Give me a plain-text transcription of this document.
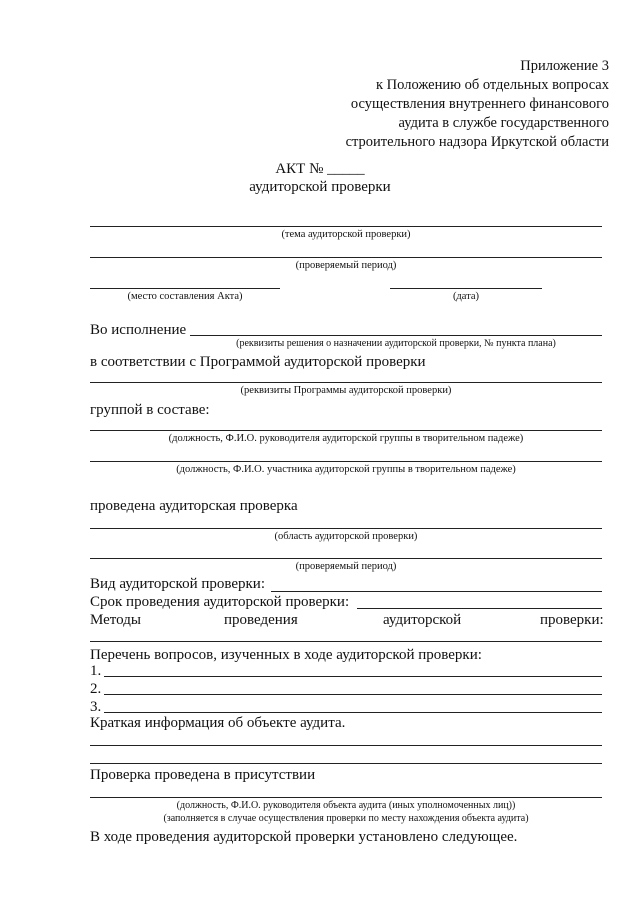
Приложение 3
к Положению об отдельных вопросах
осуществления внутреннего финансового
аудита в службе государственного
строительного надзора Иркутской области
АКТ № _____
аудиторской проверки
(тема аудиторской проверки)
(проверяемый период)
(место составления Акта)	(дата)
Во исполнение
(реквизиты решения о назначении аудиторской проверки, № пункта плана)
в соответствии с Программой аудиторской проверки
(реквизиты Программы аудиторской проверки)
группой в составе:
(должность, Ф.И.О. руководителя аудиторской группы в творительном падеже)
(должность, Ф.И.О. участника аудиторской группы в творительном падеже)
проведена аудиторская проверка
(область аудиторской проверки)
(проверяемый период)
Вид аудиторской проверки:
Срок проведения аудиторской проверки:
Методы	проведения	аудиторской	проверки:
Перечень вопросов, изученных в ходе аудиторской проверки:
1.
2.
3.
Краткая информация об объекте аудита.
Проверка проведена в присутствии
(должность, Ф.И.О. руководителя объекта аудита (иных уполномоченных лиц))
(заполняется в случае осуществления проверки по месту нахождения объекта аудита)
В ходе проведения аудиторской проверки установлено следующее.
